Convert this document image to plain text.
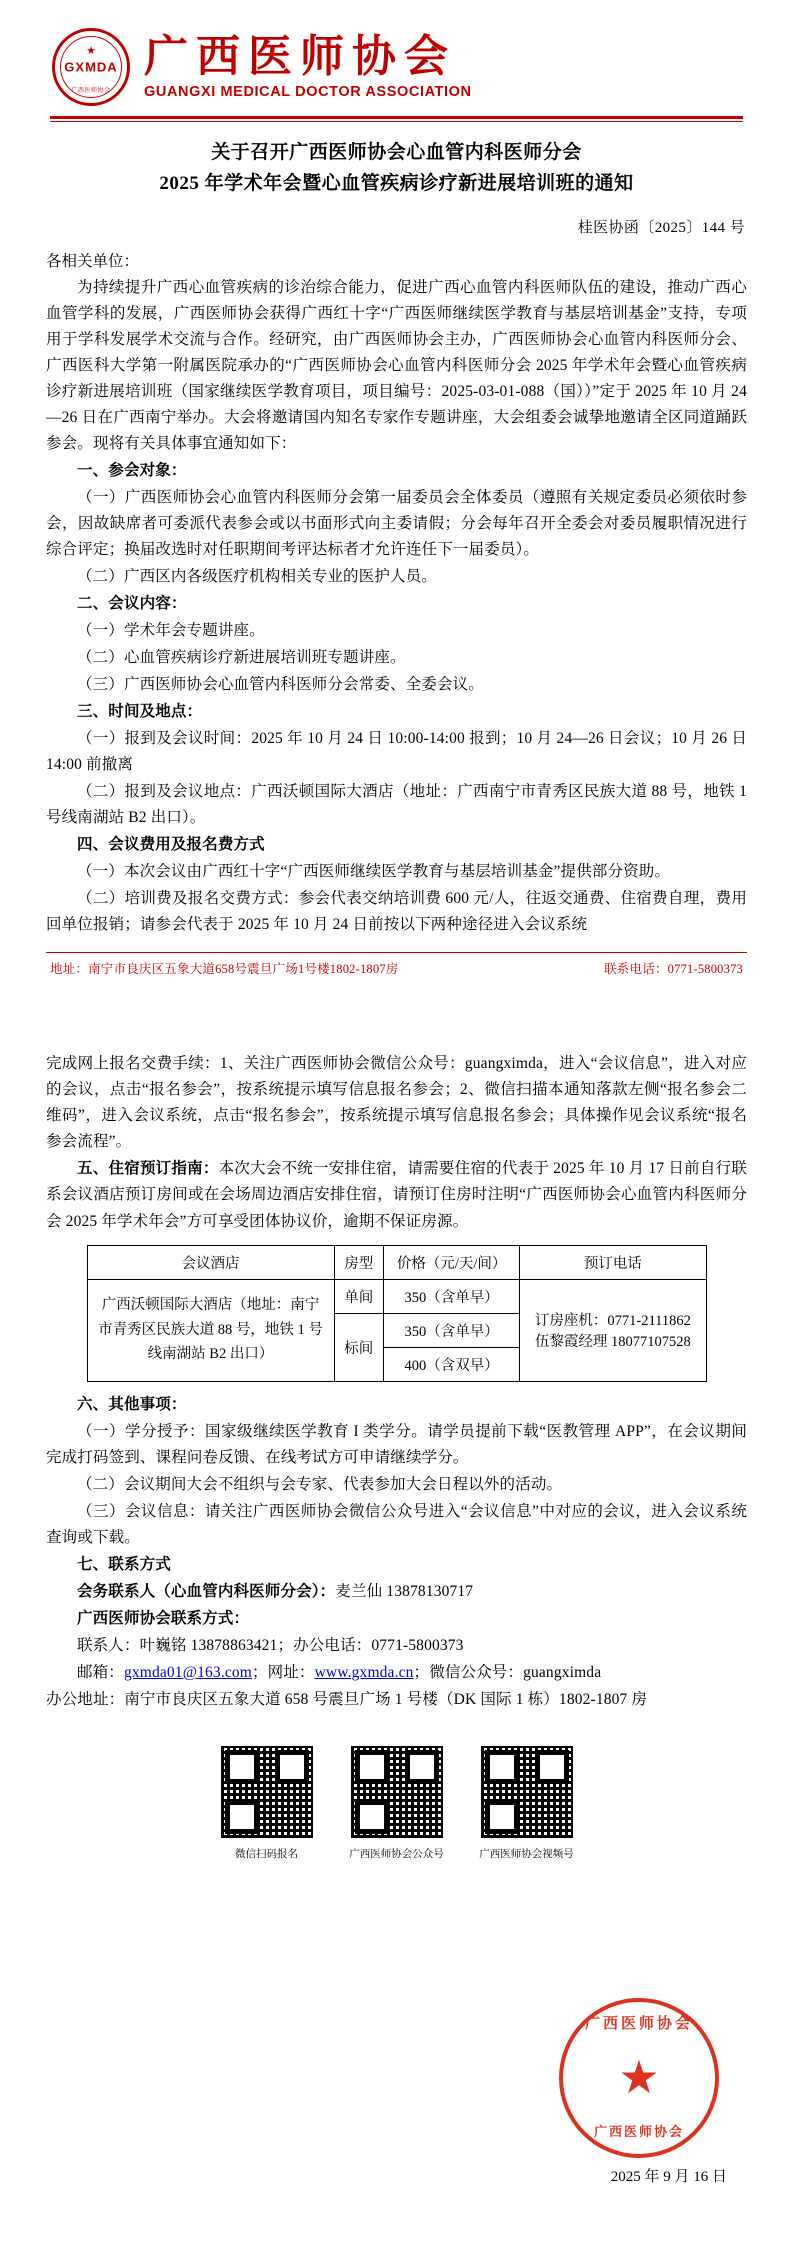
★
GXMDA
广西医师协会
广西医师协会
GUANGXI MEDICAL DOCTOR ASSOCIATION
关于召开广西医师协会心血管内科医师分会
2025 年学术年会暨心血管疾病诊疗新进展培训班的通知
桂医协函〔2025〕144 号
各相关单位：

为持续提升广西心血管疾病的诊治综合能力，促进广西心血管内科医师队伍的建设，推动广西心血管学科的发展，广西医师协会获得广西红十字“广西医师继续医学教育与基层培训基金”支持，专项用于学科发展学术交流与合作。经研究，由广西医师协会主办，广西医师协会心血管内科医师分会、广西医科大学第一附属医院承办的“广西医师协会心血管内科医师分会 2025 年学术年会暨心血管疾病诊疗新进展培训班（国家继续医学教育项目，项目编号：2025-03-01-088（国））”定于 2025 年 10 月 24—26 日在广西南宁举办。大会将邀请国内知名专家作专题讲座，大会组委会诚挚地邀请全区同道踊跃参会。现将有关具体事宜通知如下：

一、参会对象：

（一）广西医师协会心血管内科医师分会第一届委员会全体委员（遵照有关规定委员必须依时参会，因故缺席者可委派代表参会或以书面形式向主委请假；分会每年召开全委会对委员履职情况进行综合评定；换届改选时对任职期间考评达标者才允许连任下一届委员）。

（二）广西区内各级医疗机构相关专业的医护人员。

二、会议内容：

（一）学术年会专题讲座。

（二）心血管疾病诊疗新进展培训班专题讲座。

（三）广西医师协会心血管内科医师分会常委、全委会议。

三、时间及地点：

（一）报到及会议时间：2025 年 10 月 24 日 10:00-14:00 报到；10 月 24—26 日会议；10 月 26 日 14:00 前撤离

（二）报到及会议地点：广西沃顿国际大酒店（地址：广西南宁市青秀区民族大道 88 号，地铁 1 号线南湖站 B2 出口）。

四、会议费用及报名费方式

（一）本次会议由广西红十字“广西医师继续医学教育与基层培训基金”提供部分资助。

（二）培训费及报名交费方式：参会代表交纳培训费 600 元/人，往返交通费、住宿费自理，费用回单位报销；请参会代表于 2025 年 10 月 24 日前按以下两种途径进入会议系统

地址：南宁市良庆区五象大道658号震旦广场1号楼1802-1807房	联系电话：0771-5800373

完成网上报名交费手续：1、关注广西医师协会微信公众号：guangximda，进入“会议信息”，进入对应的会议，点击“报名参会”，按系统提示填写信息报名参会；2、微信扫描本通知落款左侧“报名参会二维码”，进入会议系统，点击“报名参会”，按系统提示填写信息报名参会；具体操作见会议系统“报名参会流程”。

五、住宿预订指南：本次大会不统一安排住宿，请需要住宿的代表于 2025 年 10 月 17 日前自行联系会议酒店预订房间或在会场周边酒店安排住宿，请预订住房时注明“广西医师协会心血管内科医师分会 2025 年学术年会”方可享受团体协议价，逾期不保证房源。

会议酒店	房型	价格（元/天/间）	预订电话
广西沃顿国际大酒店（地址：南宁市青秀区民族大道 88 号，地铁 1 号线南湖站 B2 出口）	单间	350（含单早）	订房座机：0771-2111862
伍黎霞经理 18077107528

	标间	350（含单早）	
		400（含双早）	

六、其他事项：

（一）学分授予：国家级继续医学教育 I 类学分。请学员提前下载“医教管理 APP”，在会议期间完成打码签到、课程问卷反馈、在线考试方可申请继续学分。

（二）会议期间大会不组织与会专家、代表参加大会日程以外的活动。

（三）会议信息：请关注广西医师协会微信公众号进入“会议信息”中对应的会议，进入会议系统查询或下载。

七、联系方式

会务联系人（心血管内科医师分会）：麦兰仙 13878130717

广西医师协会联系方式：

联系人：叶巍铭 13878863421；办公电话：0771-5800373

邮箱：gxmda01@163.com；网址：www.gxmda.cn；微信公众号：guangximda

办公地址：南宁市良庆区五象大道 658 号震旦广场 1 号楼（DK 国际 1 栋）1802-1807 房

微信扫码报名	广西医师协会公众号	广西医师协会视频号
广西医师协会
★
广西医师协会
2025 年 9 月 16 日
